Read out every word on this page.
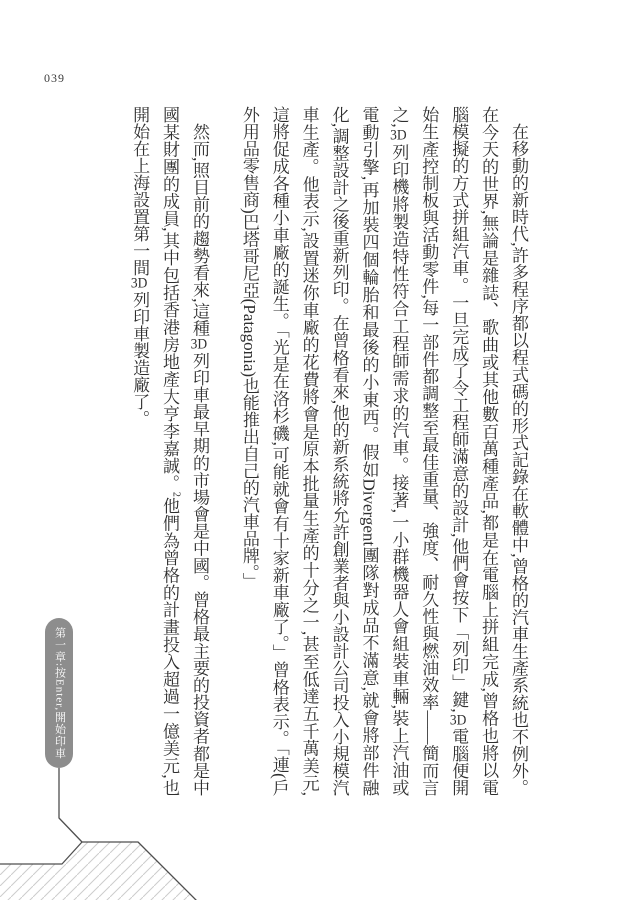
039

在移動的新時代,許多程序都以程式碼的形式記錄在軟體中,曾格的汽車生產系統也不例外。在今天的世界,無論是雜誌、歌曲或其他數百萬種產品,都是在電腦上拼組完成,曾格也將以電腦模擬的方式拼組汽車。一旦完成了令工程師滿意的設計,他們會按下「列印」鍵,3D電腦便開始生產控制板與活動零件,每一部件都調整至最佳重量、強度、耐久性與燃油效率——簡而言之,3D列印機將製造特性符合工程師需求的汽車。接著,一小群機器人會組裝車輛,裝上汽油或電動引擎,再加裝四個輪胎和最後的小東西。假如Divergent團隊對成品不滿意,就會將部件融化,調整設計之後重新列印。在曾格看來,他的新系統將允許創業者與小設計公司投入小規模汽車生產。他表示,設置迷你車廠的花費將會是原本批量生產的十分之一,甚至低達五千萬美元,這將促成各種小車廠的誕生。「光是在洛杉磯,可能就會有十家新車廠了。」曾格表示。「連(戶外用品零售商)巴塔哥尼亞(Patagonia)也能推出自己的汽車品牌。」

然而,照目前的趨勢看來,這種3D列印車最早期的市場會是中國。曾格最主要的投資者都是中國某財團的成員,其中包括香港房地產大亨李嘉誠。$^2$他們為曾格的計畫投入超過一億美元,也開始在上海設置第一間3D列印車製造廠了。

第一章:按Enter,開始印車
